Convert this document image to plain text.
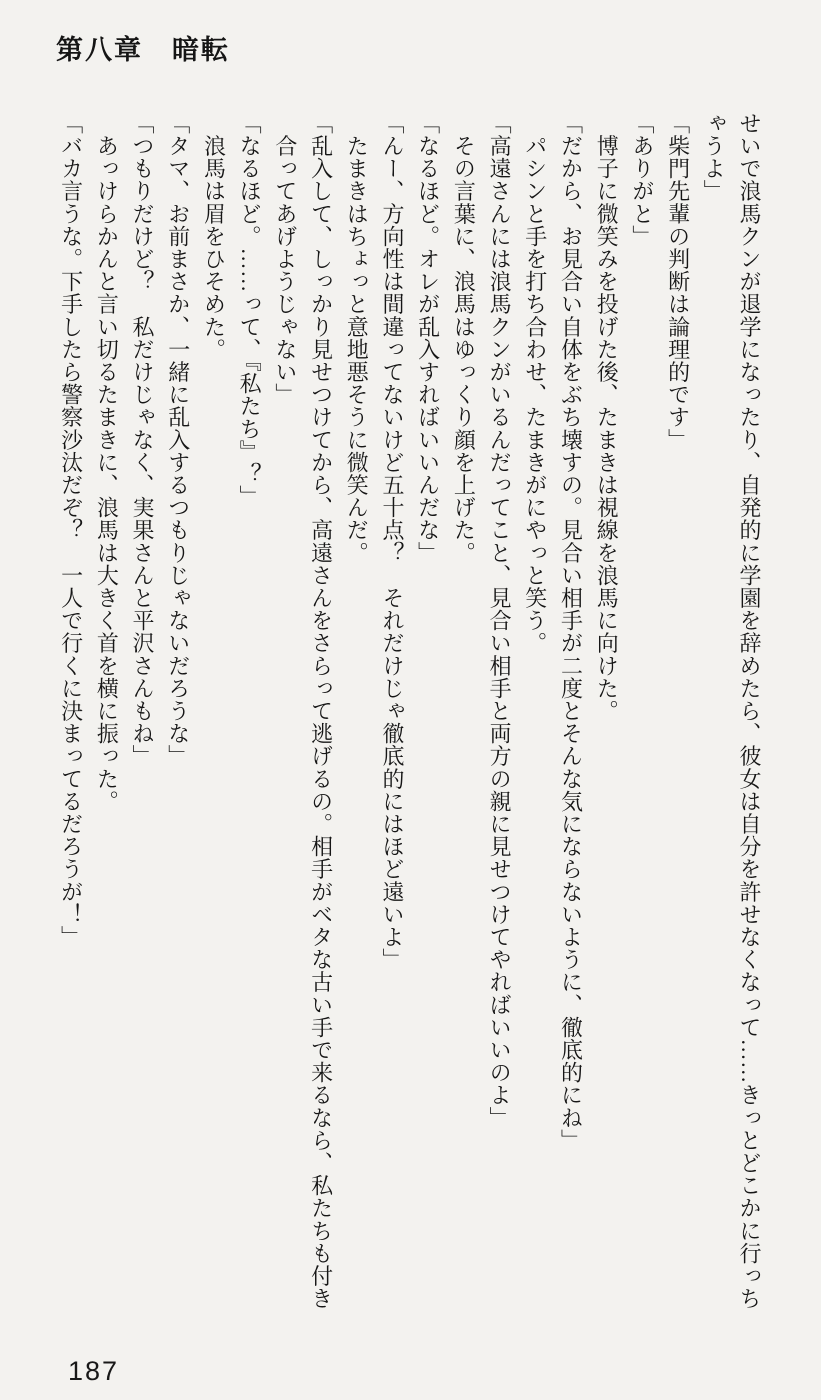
第八章　暗転

せいで浪馬クンが退学になったり、自発的に学園を辞めたら、彼女は自分を許せなくなって……きっとどこかに行っち

ゃうよ」

「柴門先輩の判断は論理的です」

「ありがと」

　博子に微笑みを投げた後、たまきは視線を浪馬に向けた。

「だから、お見合い自体をぶち壊すの。見合い相手が二度とそんな気にならないように、徹底的にね」

　パシンと手を打ち合わせ、たまきがにやっと笑う。

「高遠さんには浪馬クンがいるんだってこと、見合い相手と両方の親に見せつけてやればいいのよ」

　その言葉に、浪馬はゆっくり顔を上げた。

「なるほど。オレが乱入すればいいんだな」

「んー、方向性は間違ってないけど五十点？　それだけじゃ徹底的にはほど遠いよ」

　たまきはちょっと意地悪そうに微笑んだ。

「乱入して、しっかり見せつけてから、高遠さんをさらって逃げるの。相手がベタな古い手で来るなら、私たちも付き

　合ってあげようじゃない」

「なるほど。……って、『私たち』？」

　浪馬は眉をひそめた。

「タマ、お前まさか、一緒に乱入するつもりじゃないだろうな」

「つもりだけど？　私だけじゃなく、実果さんと平沢さんもね」

　あっけらかんと言い切るたまきに、浪馬は大きく首を横に振った。

「バカ言うな。下手したら警察沙汰だぞ？　一人で行くに決まってるだろうが！」

187
